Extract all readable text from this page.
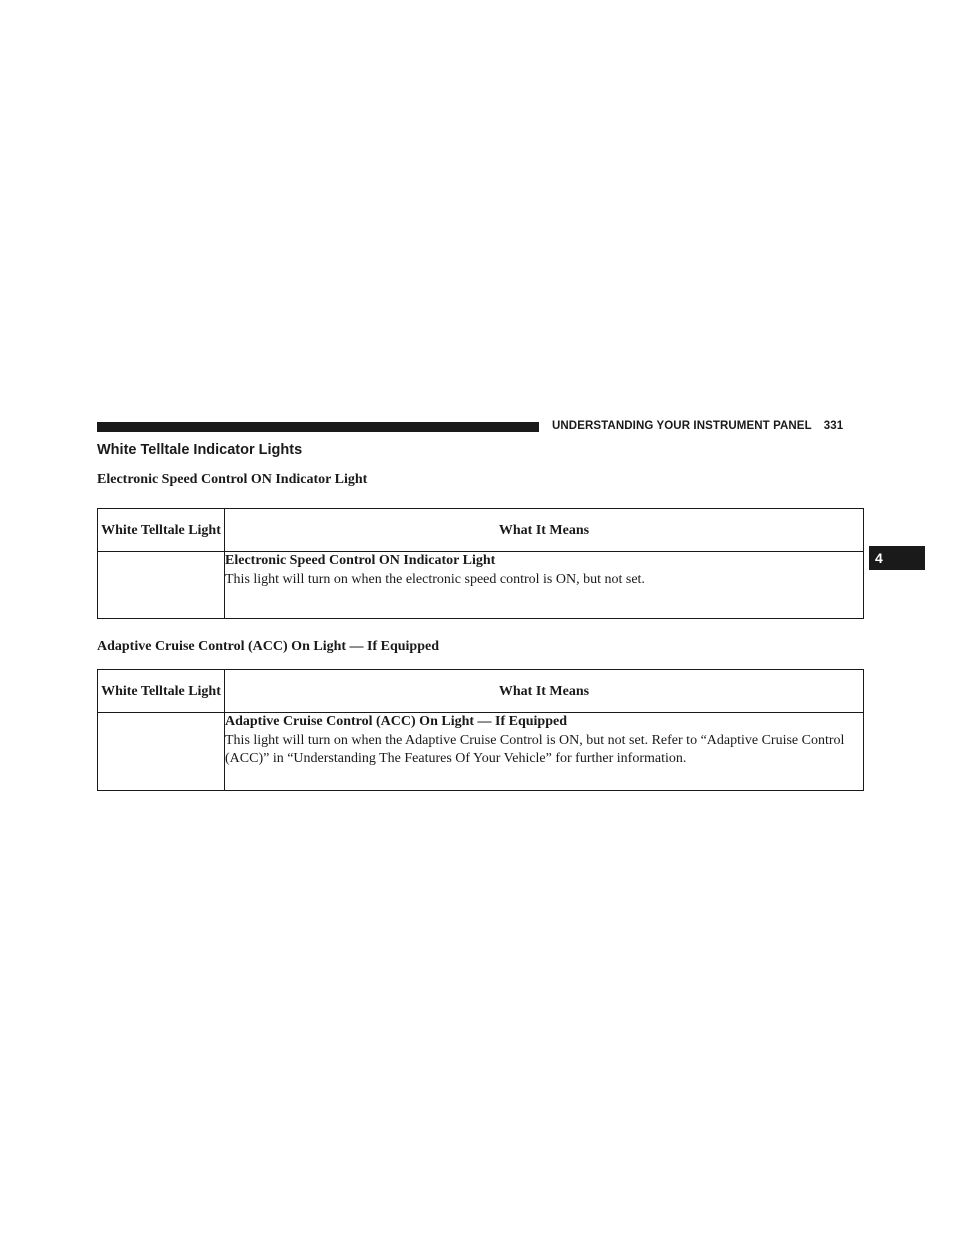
UNDERSTANDING YOUR INSTRUMENT PANEL 331
4
White Telltale Indicator Lights
Electronic Speed Control ON Indicator Light
White Telltale Light	What It Means

	Electronic Speed Control ON Indicator Light
This light will turn on when the electronic speed control is ON, but not set.
Adaptive Cruise Control (ACC) On Light — If Equipped
White Telltale Light	What It Means

	Adaptive Cruise Control (ACC) On Light — If Equipped
This light will turn on when the Adaptive Cruise Control is ON, but not set. Refer to “Adaptive Cruise Control (ACC)” in “Understanding The Features Of Your Vehicle” for further information.
